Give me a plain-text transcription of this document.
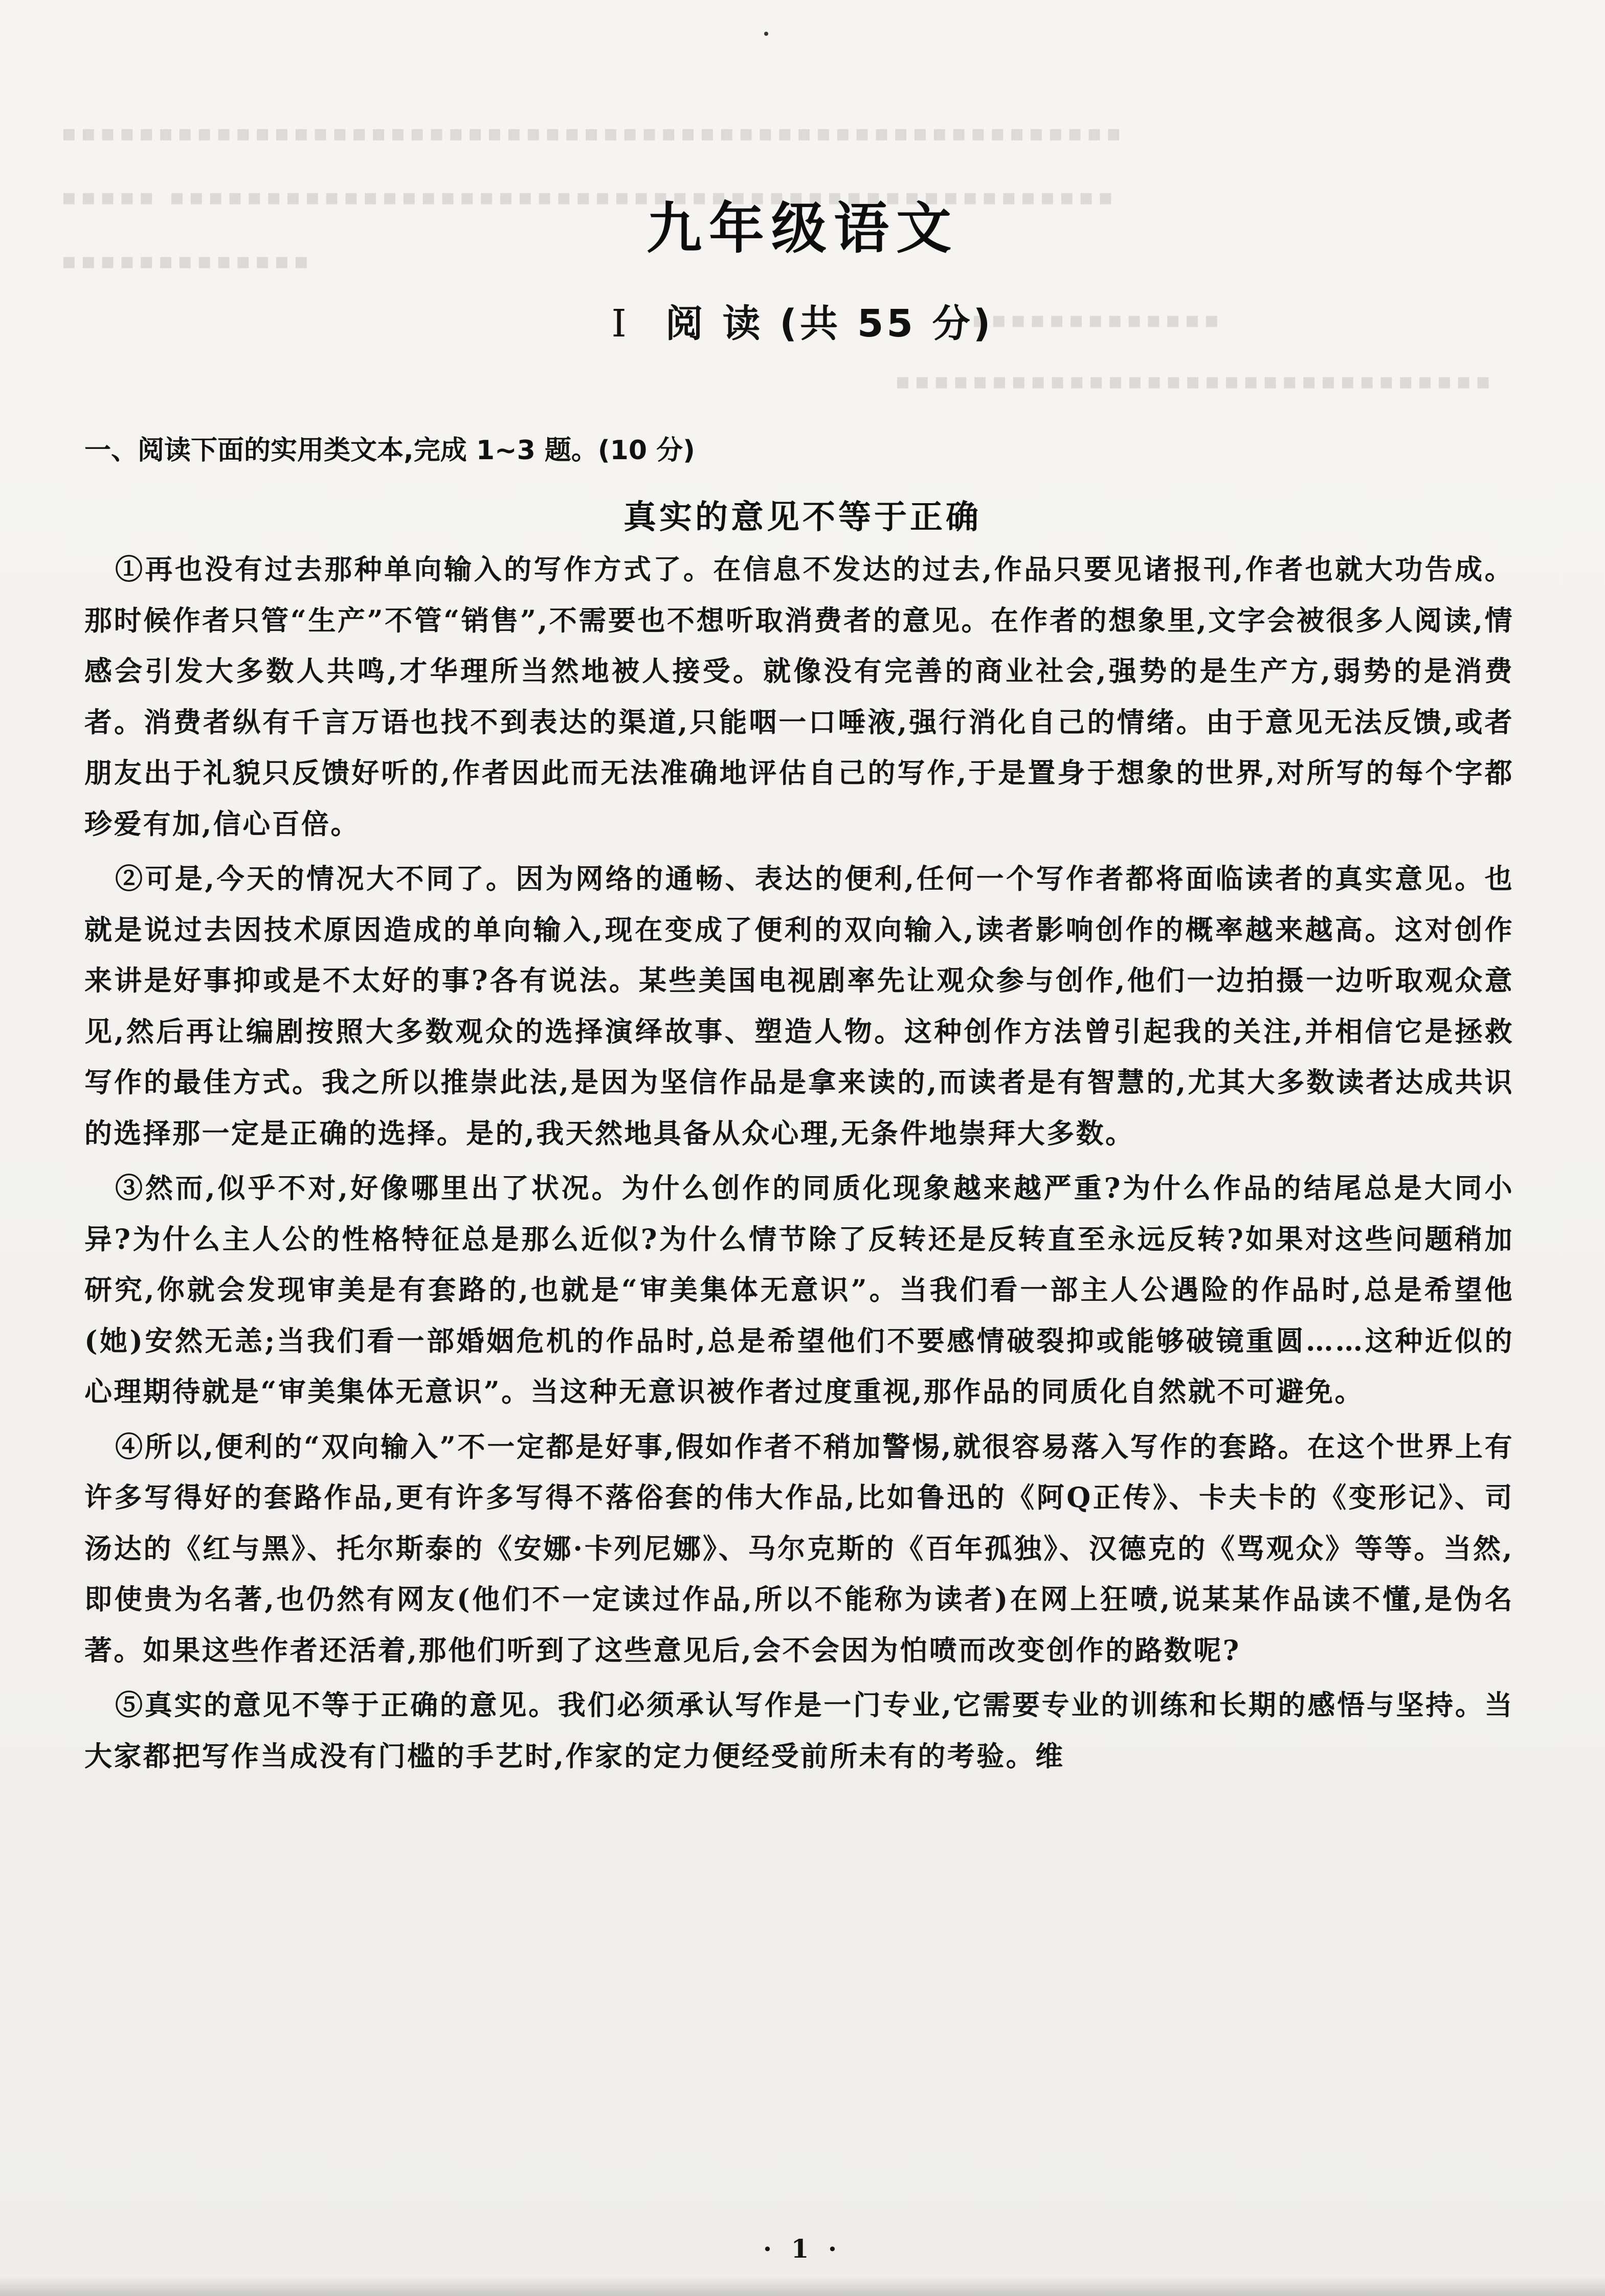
▪▪▪▪▪▪▪▪▪▪▪▪▪▪▪▪▪▪▪▪▪▪▪▪▪▪▪▪▪▪▪▪▪▪▪▪▪▪▪▪▪▪▪▪▪▪▪▪▪▪▪▪▪▪▪
▪▪▪▪▪ ▪▪▪▪▪▪▪▪▪▪▪▪▪▪▪▪▪▪▪▪▪▪▪▪▪▪▪▪▪▪▪▪▪▪▪▪▪▪▪▪▪▪▪▪▪▪▪▪▪
▪▪▪▪▪▪▪▪▪▪▪▪▪
▪▪▪▪▪▪▪▪▪▪▪▪▪
▪▪▪▪▪▪▪▪▪▪▪▪▪▪▪▪▪▪▪▪▪▪▪▪▪▪▪▪▪▪▪
九年级语文
I 阅 读 (共 55 分)
一、阅读下面的实用类文本,完成 1~3 题。(10 分)
真实的意见不等于正确

①再也没有过去那种单向输入的写作方式了。在信息不发达的过去,作品只要见诸报刊,作者也就大功告成。那时候作者只管“生产”不管“销售”,不需要也不想听取消费者的意见。在作者的想象里,文字会被很多人阅读,情感会引发大多数人共鸣,才华理所当然地被人接受。就像没有完善的商业社会,强势的是生产方,弱势的是消费者。消费者纵有千言万语也找不到表达的渠道,只能咽一口唾液,强行消化自己的情绪。由于意见无法反馈,或者朋友出于礼貌只反馈好听的,作者因此而无法准确地评估自己的写作,于是置身于想象的世界,对所写的每个字都珍爱有加,信心百倍。

②可是,今天的情况大不同了。因为网络的通畅、表达的便利,任何一个写作者都将面临读者的真实意见。也就是说过去因技术原因造成的单向输入,现在变成了便利的双向输入,读者影响创作的概率越来越高。这对创作来讲是好事抑或是不太好的事?各有说法。某些美国电视剧率先让观众参与创作,他们一边拍摄一边听取观众意见,然后再让编剧按照大多数观众的选择演绎故事、塑造人物。这种创作方法曾引起我的关注,并相信它是拯救写作的最佳方式。我之所以推崇此法,是因为坚信作品是拿来读的,而读者是有智慧的,尤其大多数读者达成共识的选择那一定是正确的选择。是的,我天然地具备从众心理,无条件地崇拜大多数。

③然而,似乎不对,好像哪里出了状况。为什么创作的同质化现象越来越严重?为什么作品的结尾总是大同小异?为什么主人公的性格特征总是那么近似?为什么情节除了反转还是反转直至永远反转?如果对这些问题稍加研究,你就会发现审美是有套路的,也就是“审美集体无意识”。当我们看一部主人公遇险的作品时,总是希望他(她)安然无恙;当我们看一部婚姻危机的作品时,总是希望他们不要感情破裂抑或能够破镜重圆……这种近似的心理期待就是“审美集体无意识”。当这种无意识被作者过度重视,那作品的同质化自然就不可避免。

④所以,便利的“双向输入”不一定都是好事,假如作者不稍加警惕,就很容易落入写作的套路。在这个世界上有许多写得好的套路作品,更有许多写得不落俗套的伟大作品,比如鲁迅的《阿Q正传》、卡夫卡的《变形记》、司汤达的《红与黑》、托尔斯泰的《安娜·卡列尼娜》、马尔克斯的《百年孤独》、汉德克的《骂观众》等等。当然,即使贵为名著,也仍然有网友(他们不一定读过作品,所以不能称为读者)在网上狂喷,说某某作品读不懂,是伪名著。如果这些作者还活着,那他们听到了这些意见后,会不会因为怕喷而改变创作的路数呢?

⑤真实的意见不等于正确的意见。我们必须承认写作是一门专业,它需要专业的训练和长期的感悟与坚持。当大家都把写作当成没有门槛的手艺时,作家的定力便经受前所未有的考验。维

· 1 ·
